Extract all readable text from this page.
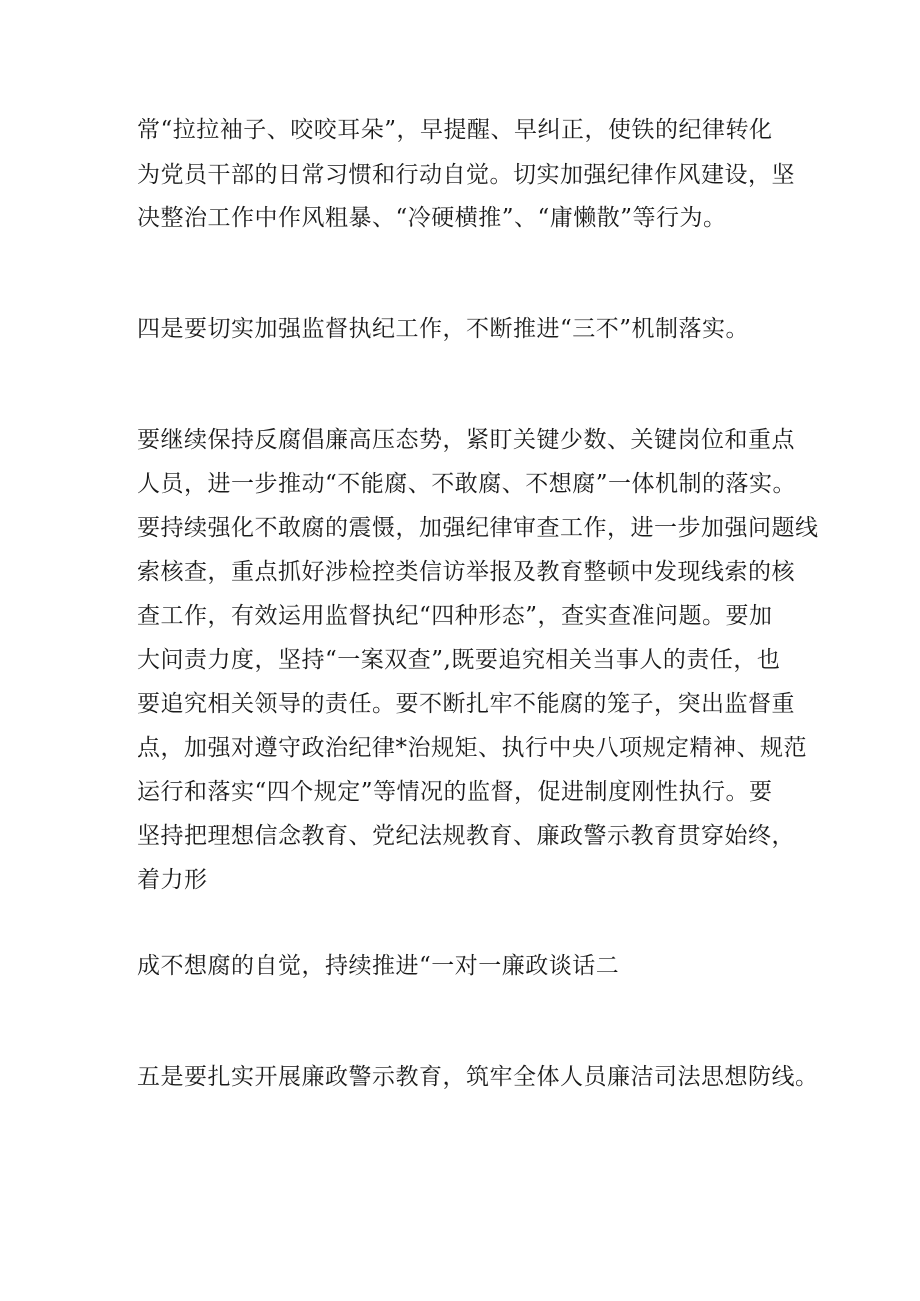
常“拉拉袖子、咬咬耳朵”，早提醒、早纠正，使铁的纪律转化
为党员干部的日常习惯和行动自觉。切实加强纪律作风建设，坚
决整治工作中作风粗暴、“冷硬横推”、“庸懒散”等行为。
四是要切实加强监督执纪工作，不断推进“三不”机制落实。
要继续保持反腐倡廉高压态势，紧盯关键少数、关键岗位和重点
人员，进一步推动“不能腐、不敢腐、不想腐”一体机制的落实。
要持续强化不敢腐的震慑，加强纪律审查工作，进一步加强问题线
索核查，重点抓好涉检控类信访举报及教育整顿中发现线索的核
查工作，有效运用监督执纪“四种形态”，查实查准问题。要加
大问责力度，坚持“一案双查”,既要追究相关当事人的责任，也
要追究相关领导的责任。要不断扎牢不能腐的笼子，突出监督重
点，加强对遵守政治纪律*治规矩、执行中央八项规定精神、规范
运行和落实“四个规定”等情况的监督，促进制度刚性执行。要
坚持把理想信念教育、党纪法规教育、廉政警示教育贯穿始终，
着力形
成不想腐的自觉，持续推进“一对一廉政谈话二
五是要扎实开展廉政警示教育，筑牢全体人员廉洁司法思想防线。
